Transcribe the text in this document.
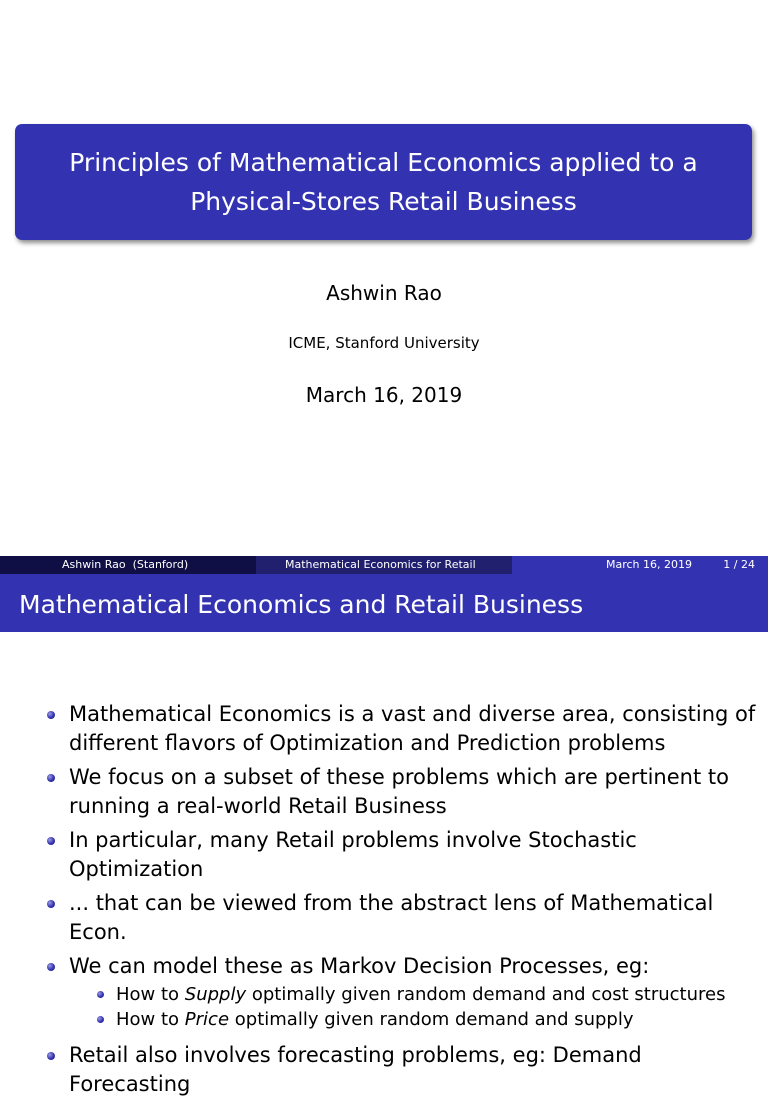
Principles of Mathematical Economics applied to a
Physical-Stores Retail Business
Ashwin Rao
ICME, Stanford University
March 16, 2019
Ashwin Rao  (Stanford)	Mathematical Economics for Retail	March 16, 2019	1 / 24
Mathematical Economics and Retail Business
Mathematical Economics is a vast and diverse area, consisting of
different flavors of Optimization and Prediction problems
We focus on a subset of these problems which are pertinent to
running a real-world Retail Business
In particular, many Retail problems involve Stochastic Optimization
... that can be viewed from the abstract lens of Mathematical Econ.
We can model these as Markov Decision Processes, eg:
How to Supply optimally given random demand and cost structures
How to Price optimally given random demand and supply
Retail also involves forecasting problems, eg: Demand Forecasting
